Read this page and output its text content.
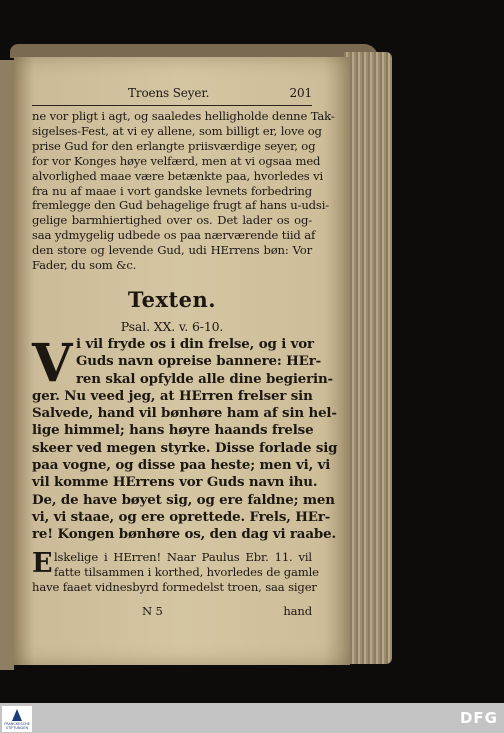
Troens Seyer.	201
ne vor pligt i agt, og saaledes helligholde denne Tak-
sigelses-Fest, at vi ey allene, som billigt er, love og
prise Gud for den erlangte priisværdige seyer, og
for vor Konges høye velfærd, men at vi ogsaa med
alvorlighed maae være betænkte paa, hvorledes vi
fra nu af maae i vort gandske levnets forbedring
fremlegge den Gud behagelige frugt af hans u-udsi-
gelige barmhiertighed over os. Det lader os og-
saa ydmygelig udbede os paa nærværende tiid af
den store og levende Gud, udi HErrens bøn: Vor
Fader, du som &c.
Texten.
Psal. XX. v. 6-10.
V i vil fryde os i din frelse, og i vor
Guds navn opreise bannere: HEr-
ren skal opfylde alle dine begierin-
ger. Nu veed jeg, at HErren frelser sin
Salvede, hand vil bønhøre ham af sin hel-
lige himmel; hans høyre haands frelse
skeer ved megen styrke. Disse forlade sig
paa vogne, og disse paa heste; men vi, vi
vil komme HErrens vor Guds navn ihu.
De, de have bøyet sig, og ere faldne; men
vi, vi staae, og ere oprettede. Frels, HEr-
re! Kongen bønhøre os, den dag vi raabe.
E lskelige i HErren! Naar Paulus Ebr. 11. vil
fatte tilsammen i korthed, hvorledes de gamle
have faaet vidnesbyrd formedelst troen, saa siger
N 5	hand
FRANCKESCHE STIFTUNGEN
DFG
